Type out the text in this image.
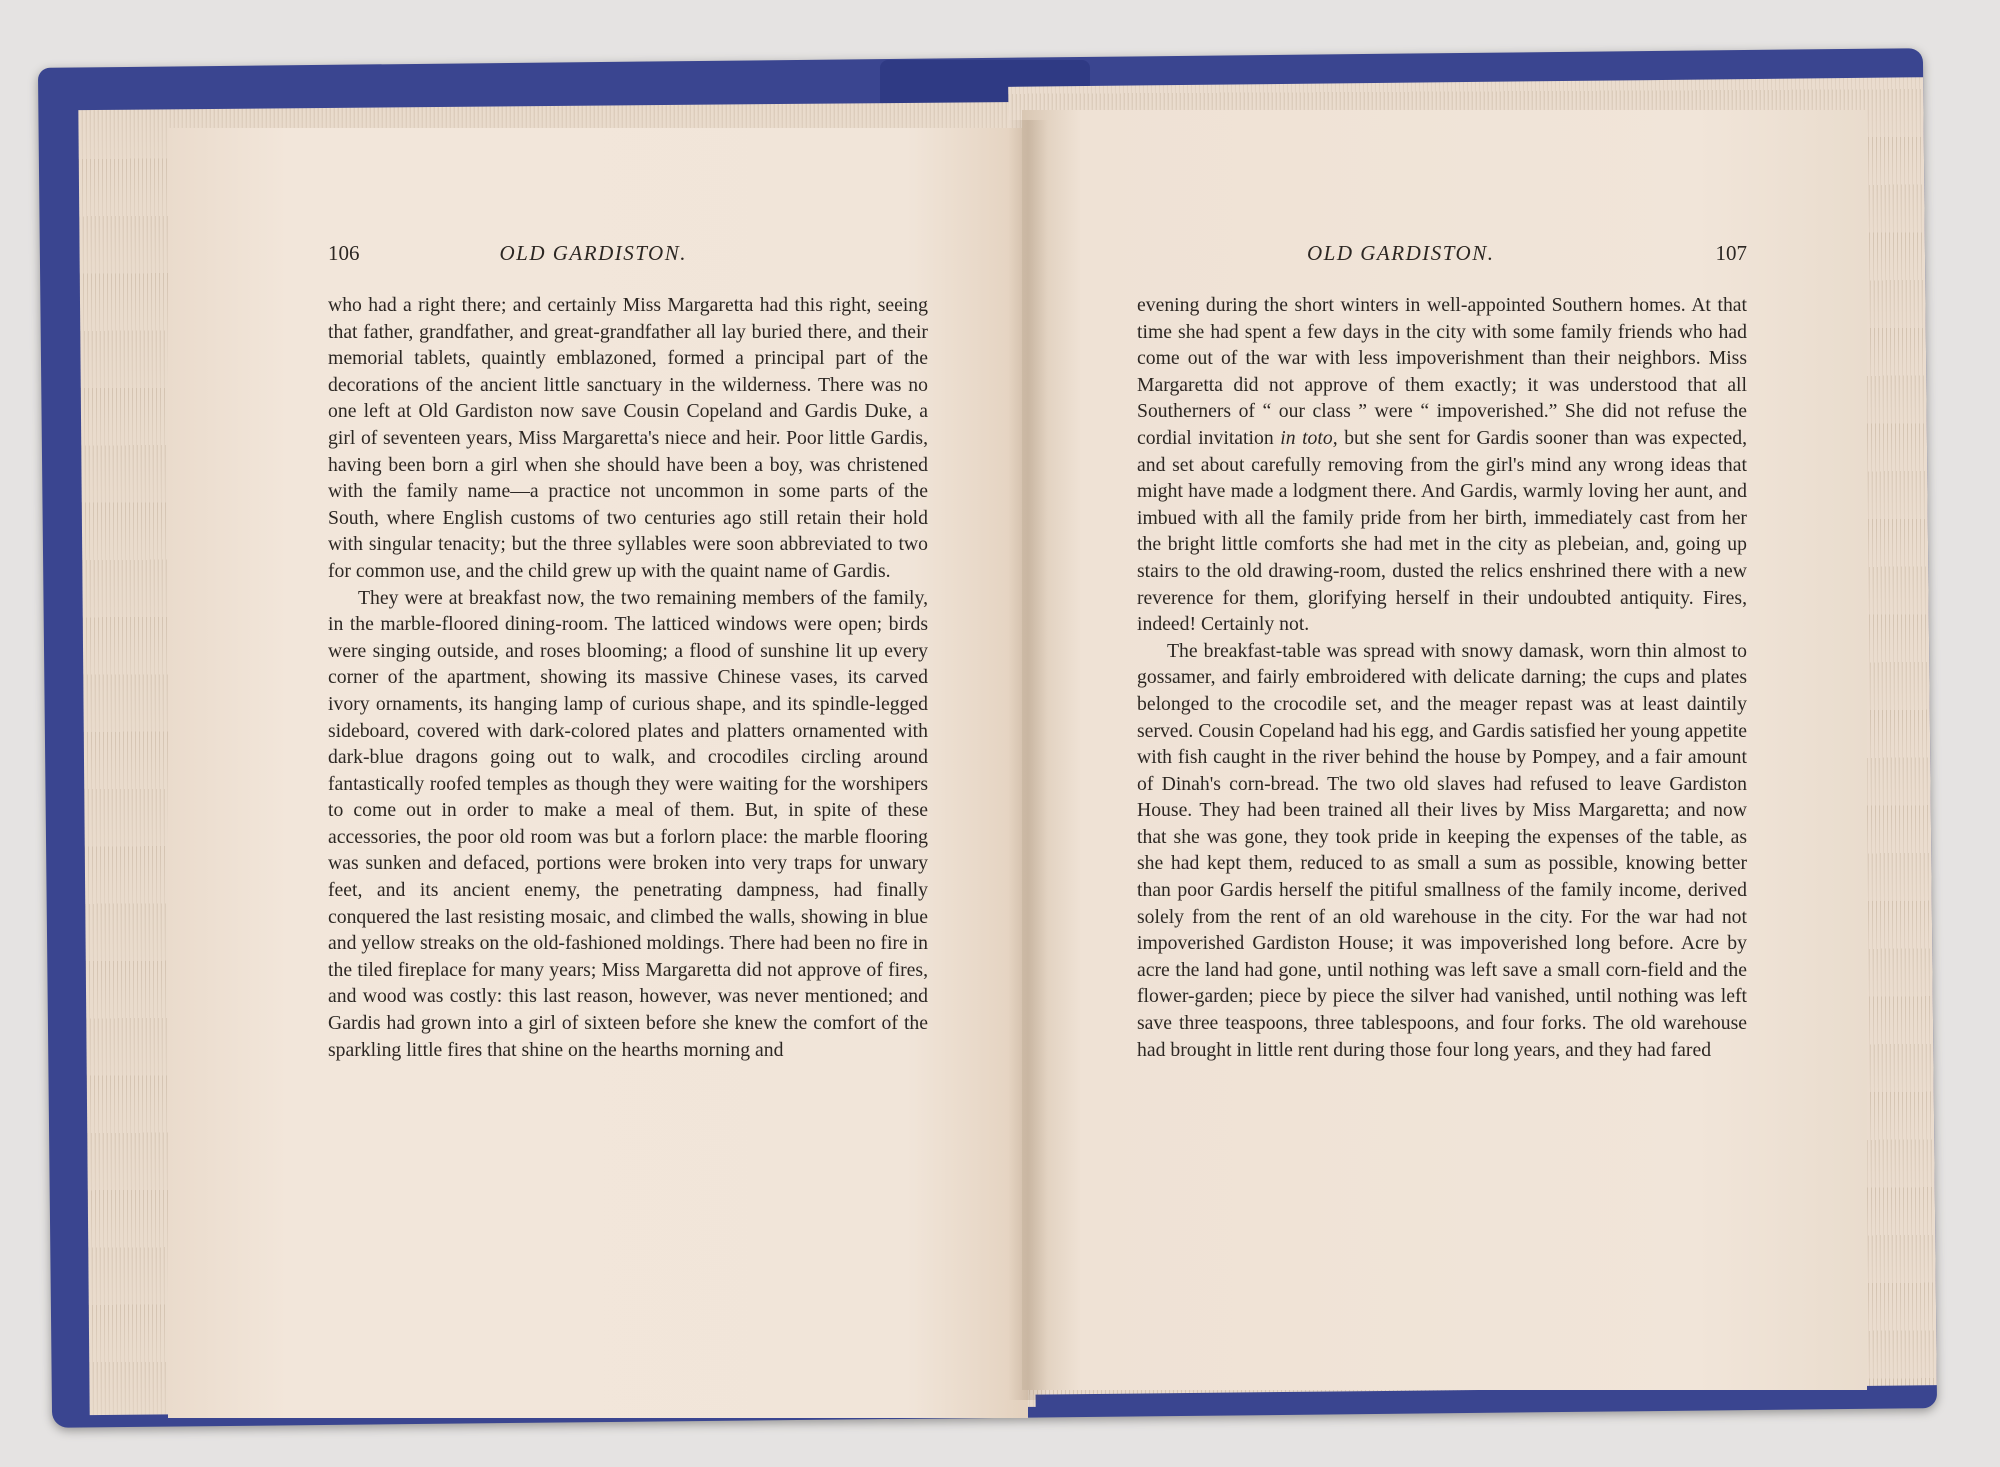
106	OLD GARDISTON.

who had a right there; and certainly Miss Margaretta had this right, seeing that father, grandfather, and great-grandfather all lay buried there, and their memorial tablets, quaintly emblazoned, formed a principal part of the decorations of the ancient little sanctuary in the wilderness. There was no one left at Old Gardiston now save Cousin Copeland and Gardis Duke, a girl of seventeen years, Miss Margaretta's niece and heir. Poor little Gardis, having been born a girl when she should have been a boy, was christened with the family name—a practice not uncommon in some parts of the South, where English customs of two centuries ago still retain their hold with singular tenacity; but the three syllables were soon abbreviated to two for common use, and the child grew up with the quaint name of Gardis.

They were at breakfast now, the two remaining members of the family, in the marble-floored dining-room. The latticed windows were open; birds were singing outside, and roses blooming; a flood of sunshine lit up every corner of the apartment, showing its massive Chinese vases, its carved ivory ornaments, its hanging lamp of curious shape, and its spindle-legged sideboard, covered with dark-colored plates and platters ornamented with dark-blue dragons going out to walk, and crocodiles circling around fantastically roofed temples as though they were waiting for the worshipers to come out in order to make a meal of them. But, in spite of these accessories, the poor old room was but a forlorn place: the marble flooring was sunken and defaced, portions were broken into very traps for unwary feet, and its ancient enemy, the penetrating dampness, had finally conquered the last resisting mosaic, and climbed the walls, showing in blue and yellow streaks on the old-fashioned moldings. There had been no fire in the tiled fireplace for many years; Miss Margaretta did not approve of fires, and wood was costly: this last reason, however, was never mentioned; and Gardis had grown into a girl of sixteen before she knew the comfort of the sparkling little fires that shine on the hearths morning and

OLD GARDISTON.	107

evening during the short winters in well-appointed Southern homes. At that time she had spent a few days in the city with some family friends who had come out of the war with less impoverishment than their neighbors. Miss Margaretta did not approve of them exactly; it was understood that all Southerners of “ our class ” were “ impoverished.” She did not refuse the cordial invitation in toto, but she sent for Gardis sooner than was expected, and set about carefully removing from the girl's mind any wrong ideas that might have made a lodgment there. And Gardis, warmly loving her aunt, and imbued with all the family pride from her birth, immediately cast from her the bright little comforts she had met in the city as plebeian, and, going up stairs to the old drawing-room, dusted the relics enshrined there with a new reverence for them, glorifying herself in their undoubted antiquity. Fires, indeed! Certainly not.

The breakfast-table was spread with snowy damask, worn thin almost to gossamer, and fairly embroidered with delicate darning; the cups and plates belonged to the crocodile set, and the meager repast was at least daintily served. Cousin Copeland had his egg, and Gardis satisfied her young appetite with fish caught in the river behind the house by Pompey, and a fair amount of Dinah's corn-bread. The two old slaves had refused to leave Gardiston House. They had been trained all their lives by Miss Margaretta; and now that she was gone, they took pride in keeping the expenses of the table, as she had kept them, reduced to as small a sum as possible, knowing better than poor Gardis herself the pitiful smallness of the family income, derived solely from the rent of an old warehouse in the city. For the war had not impoverished Gardiston House; it was impoverished long before. Acre by acre the land had gone, until nothing was left save a small corn-field and the flower-garden; piece by piece the silver had vanished, until nothing was left save three teaspoons, three tablespoons, and four forks. The old warehouse had brought in little rent during those four long years, and they had fared
